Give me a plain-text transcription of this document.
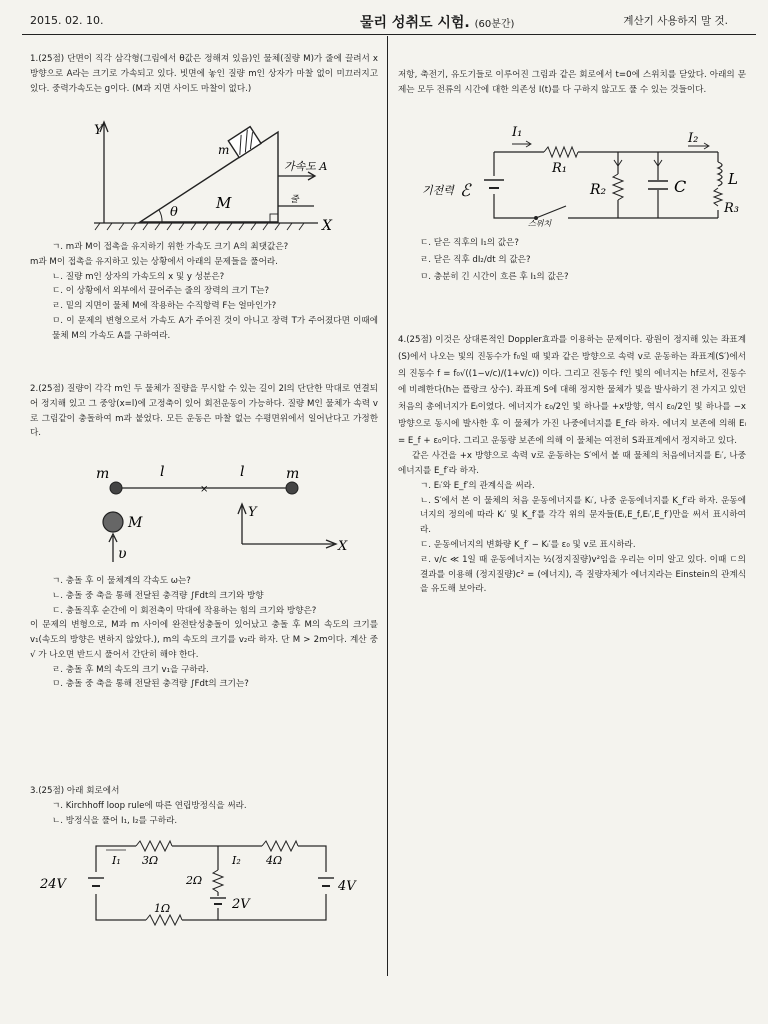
2015. 02. 10.	물리 성취도 시험. (60분간)	계산기 사용하지 말 것.

1.(25점) 단면이 직각 삼각형(그림에서 θ값은 정해져 있음)인 물체(질량 M)가 줄에 끌려서 x방향으로 A라는 크기로 가속되고 있다. 빗면에 놓인 질량 m인 상자가 마찰 없이 미끄러지고 있다. 중력가속도는 g이다. (M과 지면 사이도 마찰이 없다.)

Y
θ
M
m
가속도 A
줄
X

ㄱ. m과 M이 접촉을 유지하기 위한 가속도 크기 A의 최댓값은?

m과 M이 접촉을 유지하고 있는 상황에서 아래의 문제들을 풀어라.

ㄴ. 질량 m인 상자의 가속도의 x 및 y 성분은?

ㄷ. 이 상황에서 외부에서 끌어주는 줄의 장력의 크기 T는?

ㄹ. 밑의 지면이 물체 M에 작용하는 수직항력 F는 얼마인가?

ㅁ. 이 문제의 변형으로서 가속도 A가 주어진 것이 아니고 장력 T가 주어졌다면 이때에 물체 M의 가속도 A를 구하여라.

2.(25점) 질량이 각각 m인 두 물체가 질량을 무시할 수 있는 길이 2l의 단단한 막대로 연결되어 정지해 있고 그 중앙(x=l)에 고정축이 있어 회전운동이 가능하다. 질량 M인 물체가 속력 v로 그림같이 충돌하여 m과 붙었다. 모든 운동은 마찰 없는 수평면위에서 일어난다고 가정한다.

m	m
l	l
×
M
υ
Y
X

ㄱ. 충돌 후 이 물체계의 각속도 ω는?

ㄴ. 충돌 중 축을 통해 전달된 충격량 ∫Fdt의 크기와 방향

ㄷ. 충돌직후 순간에 이 회전축이 막대에 작용하는 힘의 크기와 방향은?

이 문제의 변형으로, M과 m 사이에 완전탄성충돌이 있어났고 충돌 후 M의 속도의 크기를 v₁(속도의 방향은 변하지 않았다.), m의 속도의 크기를 v₂라 하자. 단 M > 2m이다. 계산 중 √ 가 나오면 반드시 풀어서 간단히 해야 한다.

ㄹ. 충돌 후 M의 속도의 크기 v₁을 구하라.

ㅁ. 충돌 중 축을 통해 전달된 충격량 ∫Fdt의 크기는?

3.(25점) 아래 회로에서

ㄱ. Kirchhoff loop rule에 따른 연립방정식을 써라.

ㄴ. 방정식을 풀어 I₁, I₂를 구하라.

24V	4V
3Ω
I₁	4Ω
I₂
2Ω
2V
1Ω

저항, 축전기, 유도기들로 이루어진 그림과 같은 회로에서 t=0에 스위치를 닫았다. 아래의 문제는 모두 전류의 시간에 대한 의존성 I(t)를 다 구하지 않고도 풀 수 있는 것들이다.

스위치
기전력 ℰ
I₁
R₁
R₂	C	L
R₃
I₂

ㄷ. 닫은 직후의 I₁의 값은?

ㄹ. 닫은 직후 dI₂/dt 의 값은?

ㅁ. 충분히 긴 시간이 흐른 후 I₁의 값은?

4.(25점) 이것은 상대론적인 Doppler효과를 이용하는 문제이다. 광원이 정지해 있는 좌표계(S)에서 나오는 빛의 진동수가 f₀일 때 빛과 같은 방향으로 속력 v로 운동하는 좌표계(S′)에서의 진동수 f = f₀√((1−v/c)/(1+v/c)) 이다. 그리고 진동수 f인 빛의 에너지는 hf로서, 진동수에 비례한다(h는 플랑크 상수). 좌표계 S에 대해 정지한 물체가 빛을 발사하기 전 가지고 있던 처음의 총에너지가 Eᵢ이였다. 에너지가 ε₀/2인 빛 하나를 +x방향, 역시 ε₀/2인 빛 하나를 −x방향으로 동시에 발사한 후 이 물체가 가진 나중에너지를 E_f라 하자. 에너지 보존에 의해 Eᵢ = E_f + ε₀이다. 그리고 운동량 보존에 의해 이 물체는 여전히 S좌표계에서 정지하고 있다.

같은 사건을 +x 방향으로 속력 v로 운동하는 S′에서 볼 때 물체의 처음에너지를 Eᵢ′, 나중에너지를 E_f′라 하자.

ㄱ. Eᵢ′와 E_f′의 관계식을 써라.

ㄴ. S′에서 본 이 물체의 처음 운동에너지를 Kᵢ′, 나중 운동에너지를 K_f′라 하자. 운동에너지의 정의에 따라 Kᵢ′ 및 K_f′를 각각 위의 문자들(Eᵢ,E_f,Eᵢ′,E_f′)만을 써서 표시하여라.

ㄷ. 운동에너지의 변화량 K_f′ − Kᵢ′를 ε₀ 및 v로 표시하라.

ㄹ. v/c ≪ 1일 때 운동에너지는 ½(정지질량)v²임을 우리는 이미 알고 있다. 이때 ㄷ의 결과를 이용해 (정지질량)c² = (에너지), 즉 질량자체가 에너지라는 Einstein의 관계식을 유도해 보아라.
